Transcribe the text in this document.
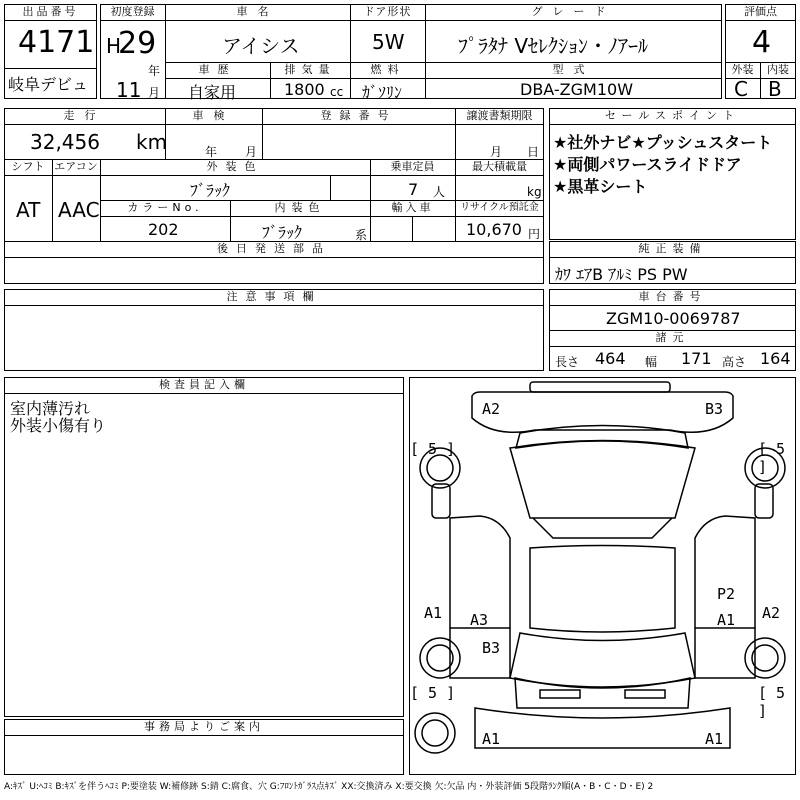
出品番号
4171
岐阜デビュ
初度登録
H
29
年
11 月
車名
アイシス
車歴
自家用
排気量
1800 cc
ドア形状
5W
燃料
ｶﾞｿﾘﾝ
グレード
ﾌﾟﾗﾀﾅ Vｾﾚｸｼｮﾝ・ﾉｱｰﾙ
型式
DBA-ZGM10W
評価点
4
外装	内装
C B
走行
32,456 km
車検
年 月
登録番号	譲渡書類期限
月 日
シフト
AT
エアコン
AAC
外装色
ﾌﾞﾗｯｸ
乗車定員
7 人
最大積載量
kg
カラーNo.
202
内装色
ﾌﾞﾗｯｸ	系
輸入車	リサイクル預託金
10,670 円
後日発送部品
セールスポイント
★社外ナビ★プッシュスタート
★両側パワースライドドア
★黒革シート
純正装備
ｶﾜ ｴｱB ｱﾙﾐ PS PW
注意事項欄	車台番号
ZGM10-0069787
諸元
長さ 464 幅 171 高さ 164
検査員記入欄
室内薄汚れ
外装小傷有り
事務局よりご案内
A2	B3
[ 5 ]	[ 5 ]
A1 A3
P2
A1 A2
B3
[ 5 ]	[ 5 ]
A1	A1
A:ｷｽﾞ U:ﾍｺﾐ B:ｷｽﾞを伴うﾍｺﾐ P:要塗装 W:補修跡 S:錆 C:腐食、穴 G:ﾌﾛﾝﾄｶﾞﾗｽ点ｷｽﾞ XX:交換済み X:要交換 欠:欠品 内・外装評価 5段階ﾗﾝｸ順(A・B・C・D・E) 2
